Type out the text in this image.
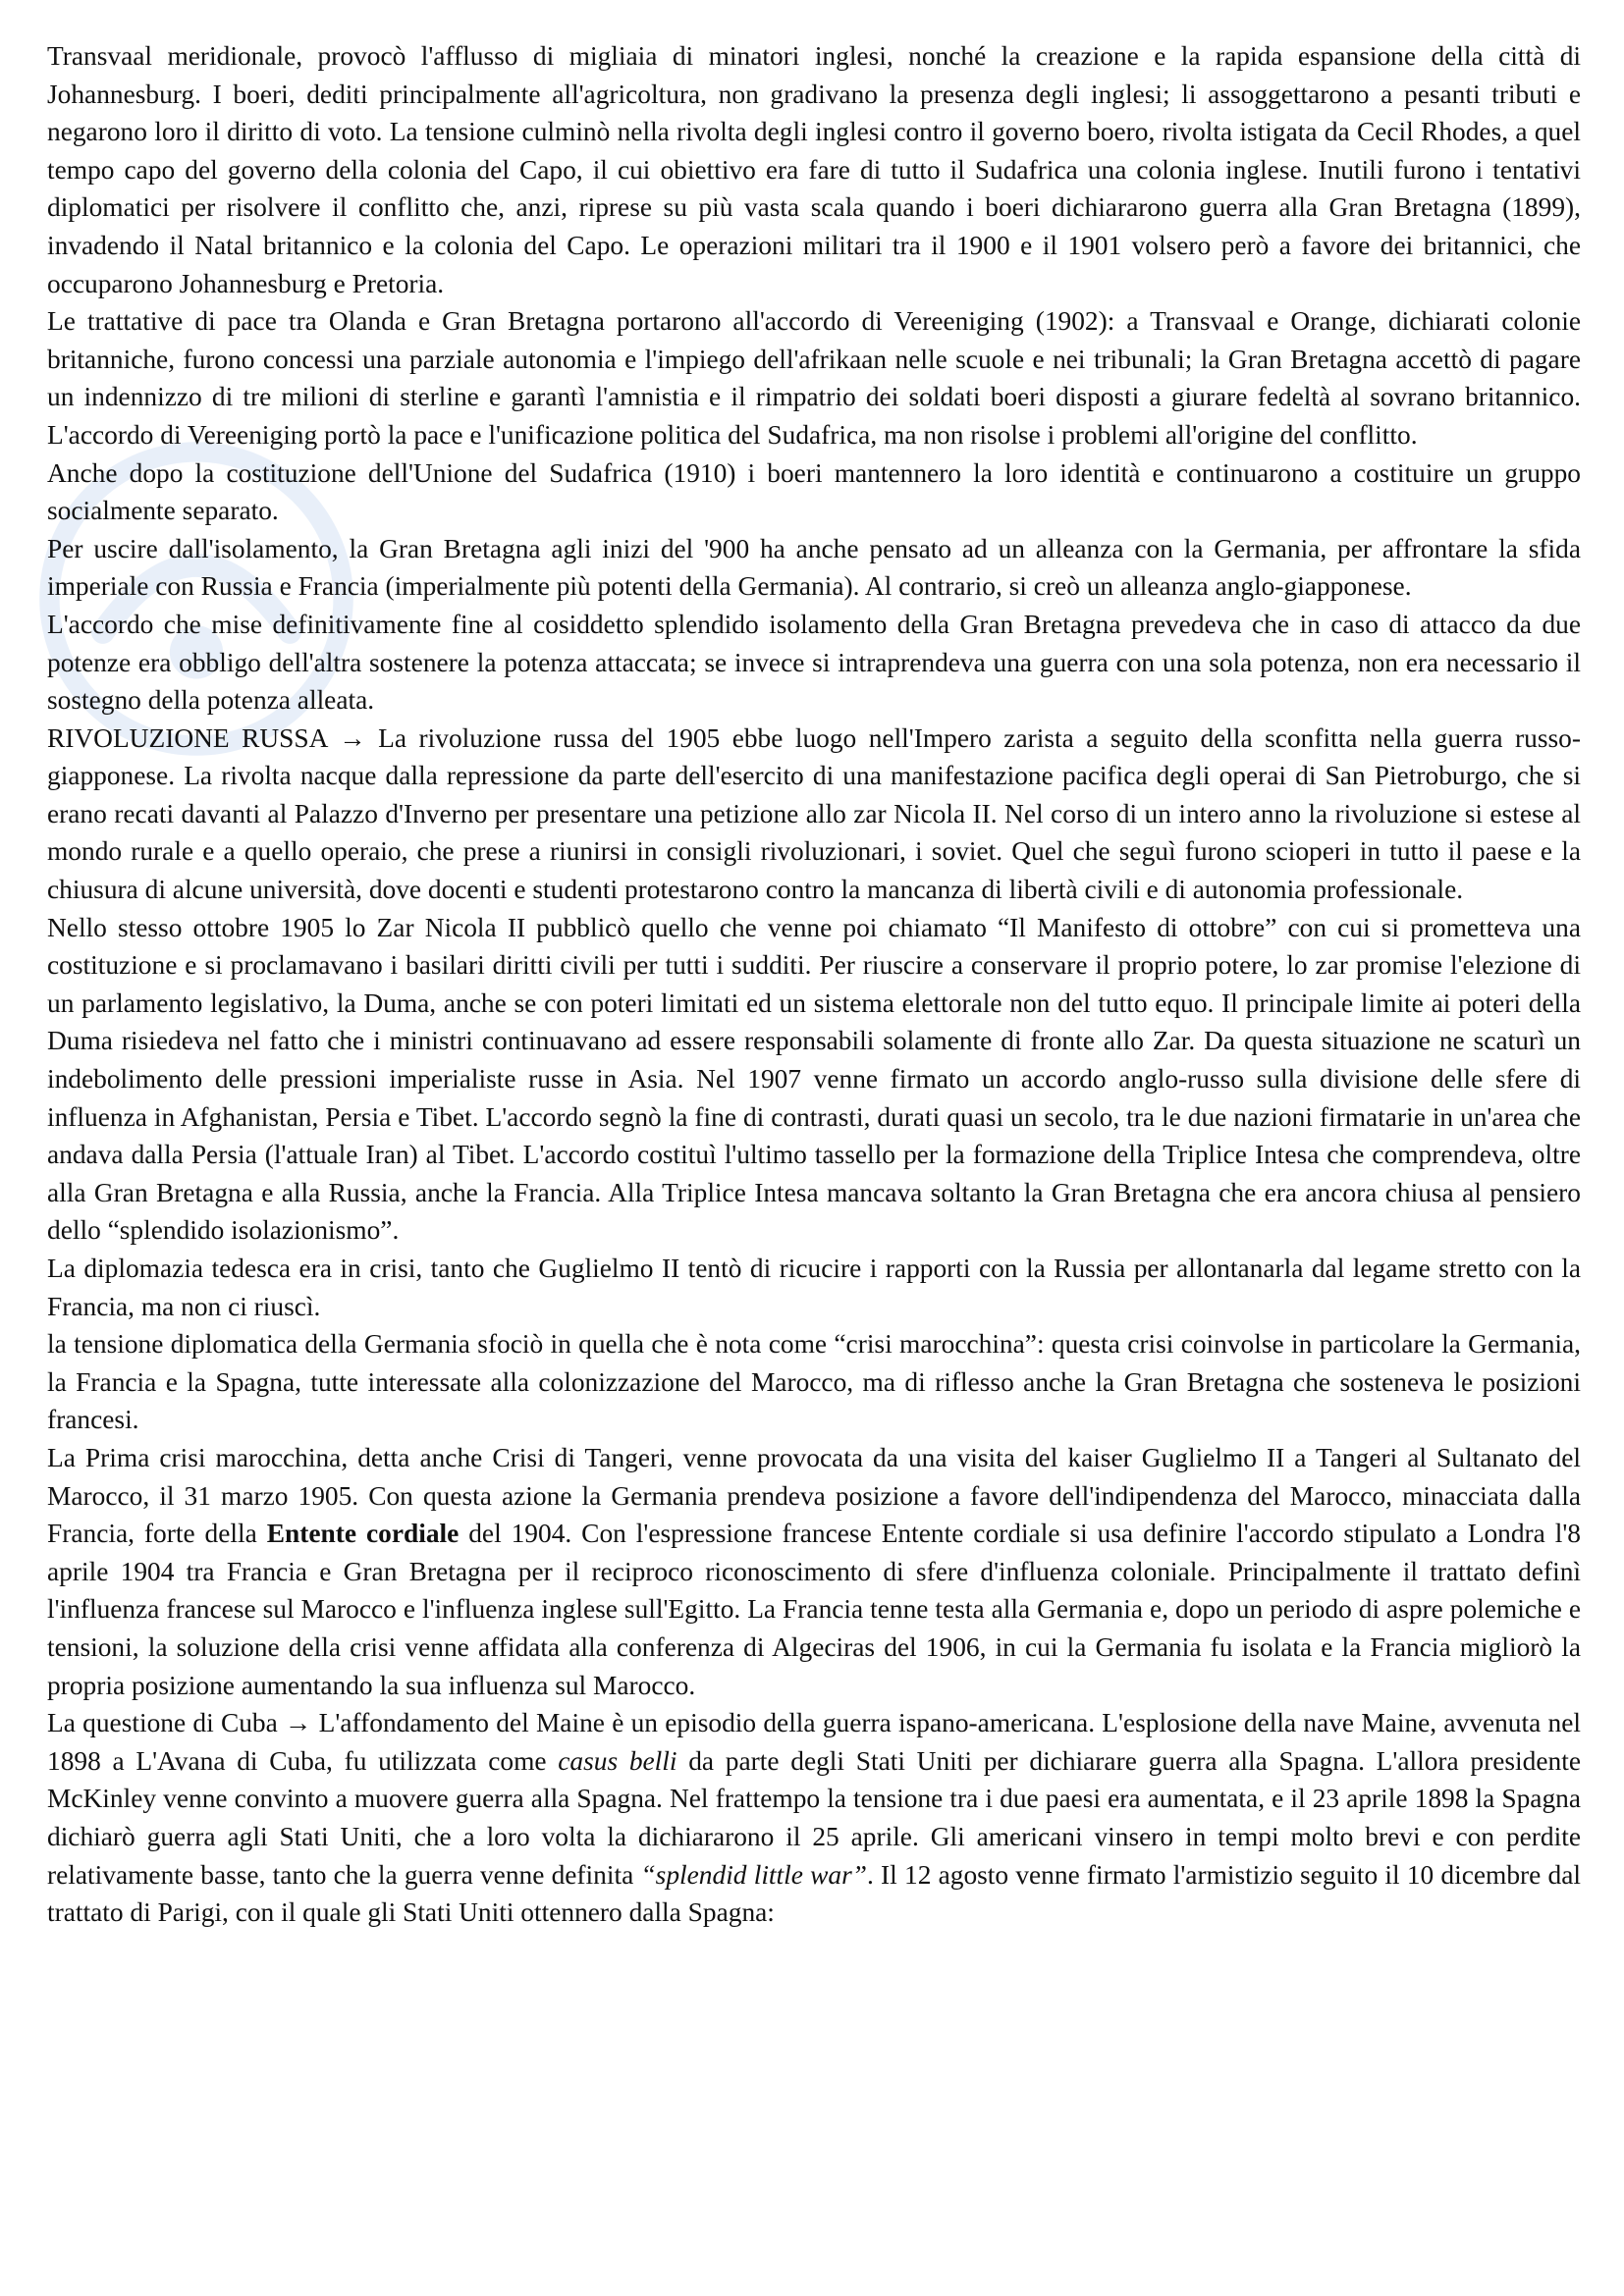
Transvaal meridionale, provocò l'afflusso di migliaia di minatori inglesi, nonché la creazione e la rapida espansione della città di Johannesburg. I boeri, dediti principalmente all'agricoltura, non gradivano la presenza degli inglesi; li assoggettarono a pesanti tributi e negarono loro il diritto di voto. La tensione culminò nella rivolta degli inglesi contro il governo boero, rivolta istigata da Cecil Rhodes, a quel tempo capo del governo della colonia del Capo, il cui obiettivo era fare di tutto il Sudafrica una colonia inglese. Inutili furono i tentativi diplomatici per risolvere il conflitto che, anzi, riprese su più vasta scala quando i boeri dichiararono guerra alla Gran Bretagna (1899), invadendo il Natal britannico e la colonia del Capo. Le operazioni militari tra il 1900 e il 1901 volsero però a favore dei britannici, che occuparono Johannesburg e Pretoria.

Le trattative di pace tra Olanda e Gran Bretagna portarono all'accordo di Vereeniging (1902): a Transvaal e Orange, dichiarati colonie britanniche, furono concessi una parziale autonomia e l'impiego dell'afrikaan nelle scuole e nei tribunali; la Gran Bretagna accettò di pagare un indennizzo di tre milioni di sterline e garantì l'amnistia e il rimpatrio dei soldati boeri disposti a giurare fedeltà al sovrano britannico. L'accordo di Vereeniging portò la pace e l'unificazione politica del Sudafrica, ma non risolse i problemi all'origine del conflitto.

Anche dopo la costituzione dell'Unione del Sudafrica (1910) i boeri mantennero la loro identità e continuarono a costituire un gruppo socialmente separato.

Per uscire dall'isolamento, la Gran Bretagna agli inizi del '900 ha anche pensato ad un alleanza con la Germania, per affrontare la sfida imperiale con Russia e Francia (imperialmente più potenti della Germania). Al contrario, si creò un alleanza anglo-giapponese.

L'accordo che mise definitivamente fine al cosiddetto splendido isolamento della Gran Bretagna prevedeva che in caso di attacco da due potenze era obbligo dell'altra sostenere la potenza attaccata; se invece si intraprendeva una guerra con una sola potenza, non era necessario il sostegno della potenza alleata.

RIVOLUZIONE RUSSA → La rivoluzione russa del 1905 ebbe luogo nell'Impero zarista a seguito della sconfitta nella guerra russo-giapponese. La rivolta nacque dalla repressione da parte dell'esercito di una manifestazione pacifica degli operai di San Pietroburgo, che si erano recati davanti al Palazzo d'Inverno per presentare una petizione allo zar Nicola II. Nel corso di un intero anno la rivoluzione si estese al mondo rurale e a quello operaio, che prese a riunirsi in consigli rivoluzionari, i soviet. Quel che seguì furono scioperi in tutto il paese e la chiusura di alcune università, dove docenti e studenti protestarono contro la mancanza di libertà civili e di autonomia professionale.

Nello stesso ottobre 1905 lo Zar Nicola II pubblicò quello che venne poi chiamato “Il Manifesto di ottobre” con cui si prometteva una costituzione e si proclamavano i basilari diritti civili per tutti i sudditi. Per riuscire a conservare il proprio potere, lo zar promise l'elezione di un parlamento legislativo, la Duma, anche se con poteri limitati ed un sistema elettorale non del tutto equo. Il principale limite ai poteri della Duma risiedeva nel fatto che i ministri continuavano ad essere responsabili solamente di fronte allo Zar. Da questa situazione ne scaturì un indebolimento delle pressioni imperialiste russe in Asia. Nel 1907 venne firmato un accordo anglo-russo sulla divisione delle sfere di influenza in Afghanistan, Persia e Tibet. L'accordo segnò la fine di contrasti, durati quasi un secolo, tra le due nazioni firmatarie in un'area che andava dalla Persia (l'attuale Iran) al Tibet. L'accordo costituì l'ultimo tassello per la formazione della Triplice Intesa che comprendeva, oltre alla Gran Bretagna e alla Russia, anche la Francia. Alla Triplice Intesa mancava soltanto la Gran Bretagna che era ancora chiusa al pensiero dello “splendido isolazionismo”.

La diplomazia tedesca era in crisi, tanto che Guglielmo II tentò di ricucire i rapporti con la Russia per allontanarla dal legame stretto con la Francia, ma non ci riuscì.

la tensione diplomatica della Germania sfociò in quella che è nota come “crisi marocchina”: questa crisi coinvolse in particolare la Germania, la Francia e la Spagna, tutte interessate alla colonizzazione del Marocco, ma di riflesso anche la Gran Bretagna che sosteneva le posizioni francesi.

La Prima crisi marocchina, detta anche Crisi di Tangeri, venne provocata da una visita del kaiser Guglielmo II a Tangeri al Sultanato del Marocco, il 31 marzo 1905. Con questa azione la Germania prendeva posizione a favore dell'indipendenza del Marocco, minacciata dalla Francia, forte della Entente cordiale del 1904. Con l'espressione francese Entente cordiale si usa definire l'accordo stipulato a Londra l'8 aprile 1904 tra Francia e Gran Bretagna per il reciproco riconoscimento di sfere d'influenza coloniale. Principalmente il trattato definì l'influenza francese sul Marocco e l'influenza inglese sull'Egitto. La Francia tenne testa alla Germania e, dopo un periodo di aspre polemiche e tensioni, la soluzione della crisi venne affidata alla conferenza di Algeciras del 1906, in cui la Germania fu isolata e la Francia migliorò la propria posizione aumentando la sua influenza sul Marocco.

La questione di Cuba → L'affondamento del Maine è un episodio della guerra ispano-americana. L'esplosione della nave Maine, avvenuta nel 1898 a L'Avana di Cuba, fu utilizzata come casus belli da parte degli Stati Uniti per dichiarare guerra alla Spagna. L'allora presidente McKinley venne convinto a muovere guerra alla Spagna. Nel frattempo la tensione tra i due paesi era aumentata, e il 23 aprile 1898 la Spagna dichiarò guerra agli Stati Uniti, che a loro volta la dichiararono il 25 aprile. Gli americani vinsero in tempi molto brevi e con perdite relativamente basse, tanto che la guerra venne definita “splendid little war”. Il 12 agosto venne firmato l'armistizio seguito il 10 dicembre dal trattato di Parigi, con il quale gli Stati Uniti ottennero dalla Spagna:
